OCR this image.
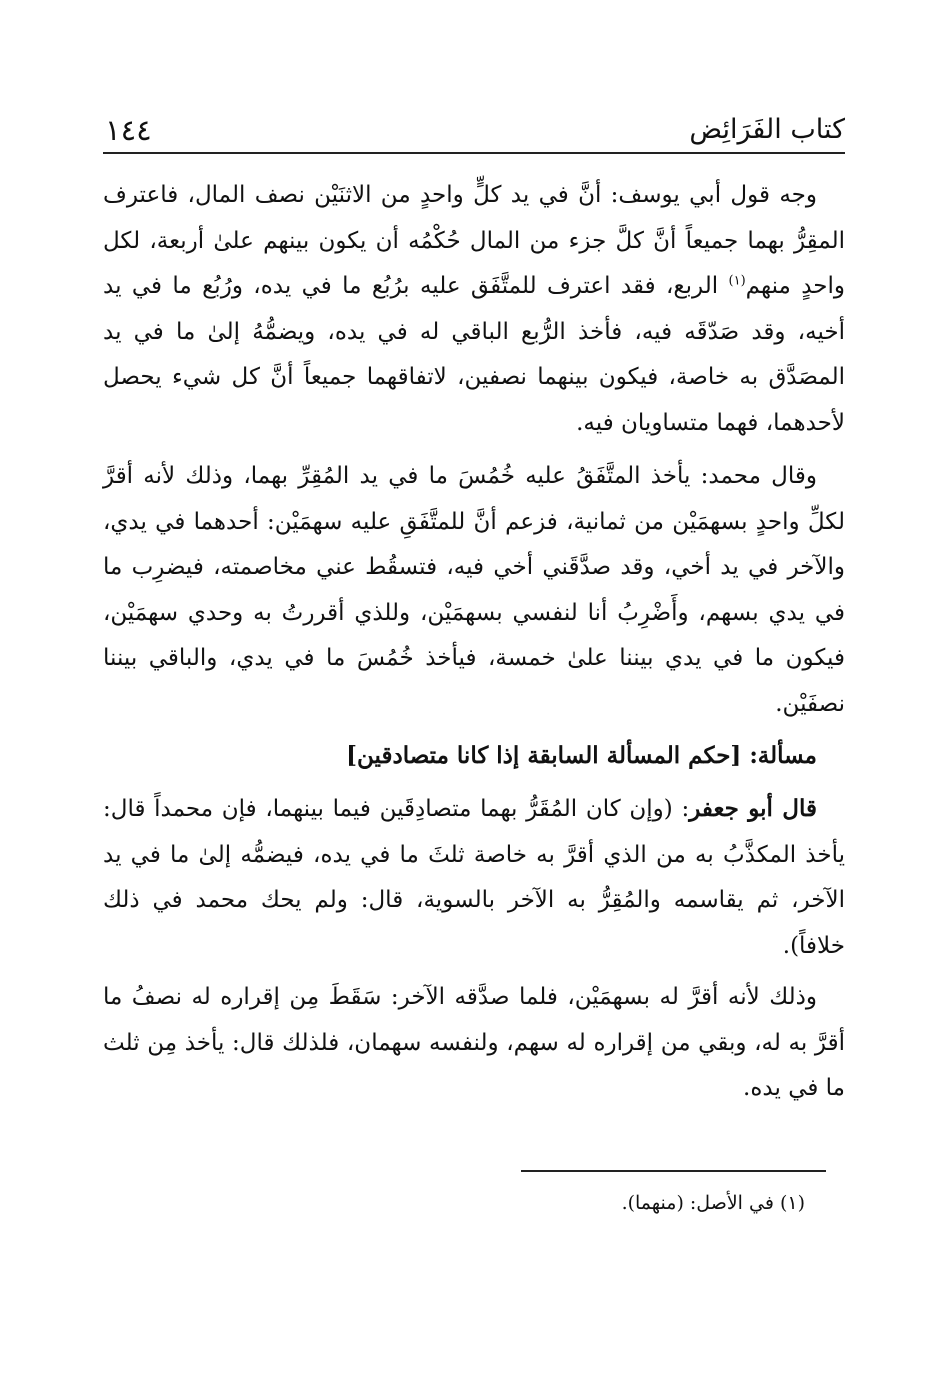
كتاب الفَرَائِض
١٤٤

وجه قول أبي يوسف: أنَّ في يد كلٍّ واحدٍ من الاثنَيْن نصف المال، فاعترف المقِرُّ بهما جميعاً أنَّ كلَّ جزء من المال حُكْمُه أن يكون بينهم علىٰ أربعة، لكل واحدٍ منهم$^{(١)}$ الربع، فقد اعترف للمتَّفَق عليه برُبُع ما في يده، ورُبُع ما في يد أخيه، وقد صَدّقَه فيه، فأخذ الرُّبع الباقي له في يده، ويضمُّهُ إلىٰ ما في يد المصَدَّق به خاصة، فيكون بينهما نصفين، لاتفاقهما جميعاً أنَّ كل شيء يحصل لأحدهما، فهما متساويان فيه.

وقال محمد: يأخذ المتَّفَقُ عليه خُمُسَ ما في يد المُقِرِّ بهما، وذلك لأنه أقرَّ لكلِّ واحدٍ بسهمَيْن من ثمانية، فزعم أنَّ للمتَّفَقِ عليه سهمَيْن: أحدهما في يدي، والآخر في يد أخي، وقد صدَّقَني أخي فيه، فتسقُط عني مخاصمته، فيضرِب ما في يدي بسهم، وأَضْرِبُ أنا لنفسي بسهمَيْن، وللذي أقررتُ به وحدي سهمَيْن، فيكون ما في يدي بيننا علىٰ خمسة، فيأخذ خُمُسَ ما في يدي، والباقي بيننا نصفَيْن.

مسألة: [حكم المسألة السابقة إذا كانا متصادقين]

قال أبو جعفر: (وإن كان المُقَرُّ بهما متصادِقَين فيما بينهما، فإن محمداً قال: يأخذ المكذَّبُ به من الذي أقرَّ به خاصة ثلثَ ما في يده، فيضمُّه إلىٰ ما في يد الآخر، ثم يقاسمه والمُقِرُّ به الآخر بالسوية، قال: ولم يحك محمد في ذلك خلافاً).

وذلك لأنه أقرَّ له بسهمَيْن، فلما صدَّقه الآخر: سَقَطَ مِن إقراره له نصفُ ما أقرَّ به له، وبقي من إقراره له سهم، ولنفسه سهمان، فلذلك قال: يأخذ مِن ثلث ما في يده.

(١) في الأصل: (منهما).
